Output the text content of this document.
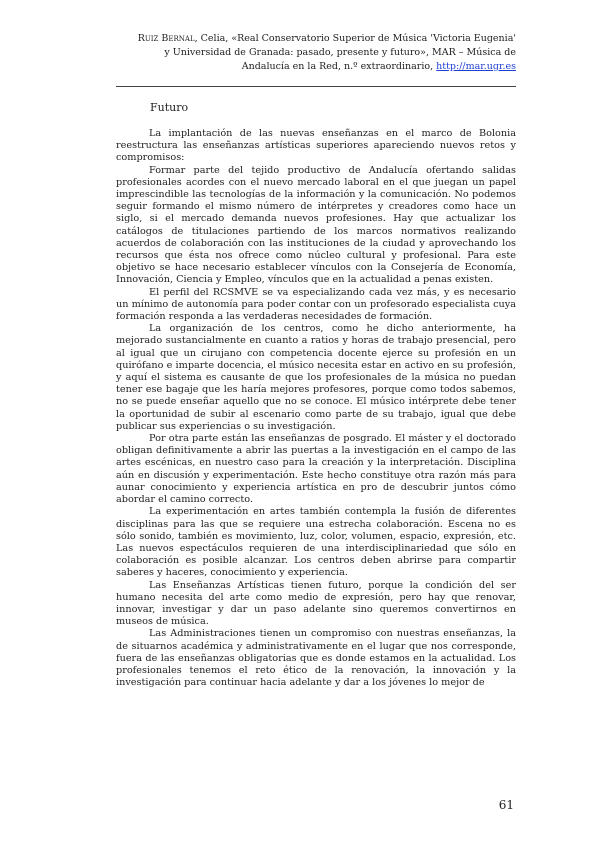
Ruiz Bernal, Celia, «Real Conservatorio Superior de Música 'Victoria Eugenia' y Universidad de Granada: pasado, presente y futuro», MAR – Música de Andalucía en la Red, n.º extraordinario, http://mar.ugr.es
Futuro

La implantación de las nuevas enseñanzas en el marco de Bolonia reestructura las enseñanzas artísticas superiores apareciendo nuevos retos y compromisos:

Formar parte del tejido productivo de Andalucía ofertando salidas profesionales acordes con el nuevo mercado laboral en el que juegan un papel imprescindible las tecnologías de la información y la comunicación. No podemos seguir formando el mismo número de intérpretes y creadores como hace un siglo, si el mercado demanda nuevos profesiones. Hay que actualizar los catálogos de titulaciones partiendo de los marcos normativos realizando acuerdos de colaboración con las instituciones de la ciudad y aprovechando los recursos que ésta nos ofrece como núcleo cultural y profesional. Para este objetivo se hace necesario establecer vínculos con la Consejería de Economía, Innovación, Ciencia y Empleo, vínculos que en la actualidad a penas existen.

El perfil del RCSMVE se va especializando cada vez más, y es necesario un mínimo de autonomía para poder contar con un profesorado especialista cuya formación responda a las verdaderas necesidades de formación.

La organización de los centros, como he dicho anteriormente, ha mejorado sustancialmente en cuanto a ratios y horas de trabajo presencial, pero al igual que un cirujano con competencia docente ejerce su profesión en un quirófano e imparte docencia, el músico necesita estar en activo en su profesión, y aquí el sistema es causante de que los profesionales de la música no puedan tener ese bagaje que les haría mejores profesores, porque como todos sabemos, no se puede enseñar aquello que no se conoce. El músico intérprete debe tener la oportunidad de subir al escenario como parte de su trabajo, igual que debe publicar sus experiencias o su investigación.

Por otra parte están las enseñanzas de posgrado. El máster y el doctorado obligan definitivamente a abrir las puertas a la investigación en el campo de las artes escénicas, en nuestro caso para la creación y la interpretación. Disciplina aún en discusión y experimentación. Este hecho constituye otra razón más para aunar conocimiento y experiencia artística en pro de descubrir juntos cómo abordar el camino correcto.

La experimentación en artes también contempla la fusión de diferentes disciplinas para las que se requiere una estrecha colaboración. Escena no es sólo sonido, también es movimiento, luz, color, volumen, espacio, expresión, etc. Las nuevos espectáculos requieren de una interdisciplinariedad que sólo en colaboración es posible alcanzar. Los centros deben abrirse para compartir saberes y haceres, conocimiento y experiencia.

Las Enseñanzas Artísticas tienen futuro, porque la condición del ser humano necesita del arte como medio de expresión, pero hay que renovar, innovar, investigar y dar un paso adelante sino queremos convertirnos en museos de música.

Las Administraciones tienen un compromiso con nuestras enseñanzas, la de situarnos académica y administrativamente en el lugar que nos corresponde, fuera de las enseñanzas obligatorias que es donde estamos en la actualidad. Los profesionales tenemos el reto ético de la renovación, la innovación y la investigación para continuar hacia adelante y dar a los jóvenes lo mejor de

61
